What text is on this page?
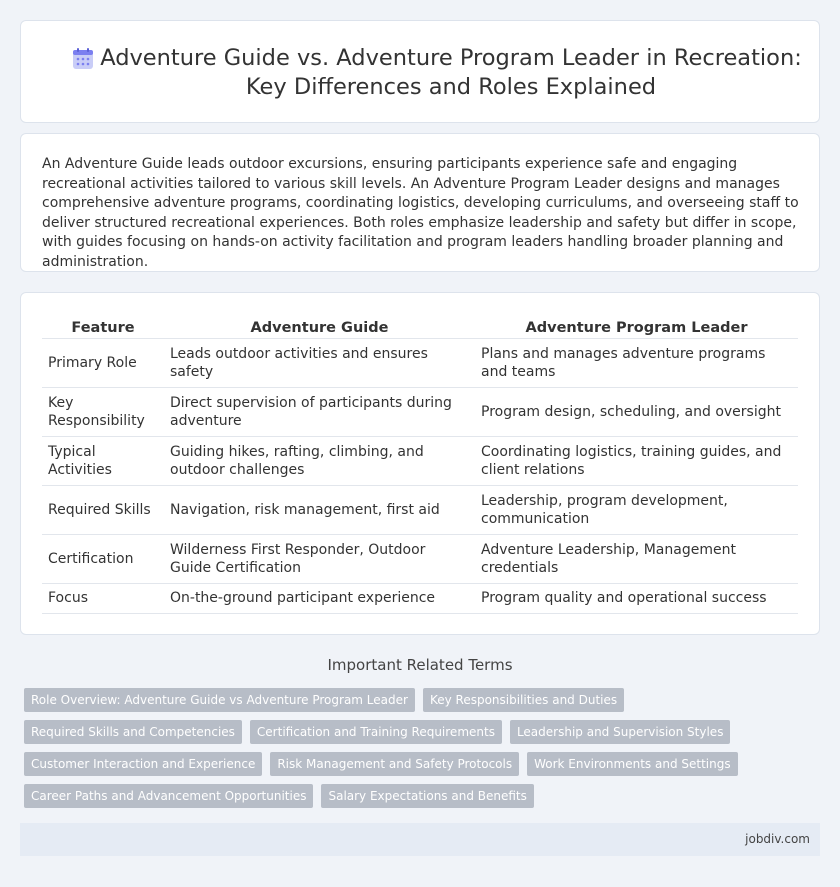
Adventure Guide vs. Adventure Program Leader in Recreation: Key Differences and Roles Explained

An Adventure Guide leads outdoor excursions, ensuring participants experience safe and engaging recreational activities tailored to various skill levels. An Adventure Program Leader designs and manages comprehensive adventure programs, coordinating logistics, developing curriculums, and overseeing staff to deliver structured recreational experiences. Both roles emphasize leadership and safety but differ in scope, with guides focusing on hands-on activity facilitation and program leaders handling broader planning and administration.

Feature	Adventure Guide	Adventure Program Leader
Primary Role	Leads outdoor activities and ensures safety	Plans and manages adventure programs and teams
Key Responsibility	Direct supervision of participants during adventure	Program design, scheduling, and oversight
Typical Activities	Guiding hikes, rafting, climbing, and outdoor challenges	Coordinating logistics, training guides, and client relations
Required Skills	Navigation, risk management, first aid	Leadership, program development, communication
Certification	Wilderness First Responder, Outdoor Guide Certification	Adventure Leadership, Management credentials
Focus	On-the-ground participant experience	Program quality and operational success
Important Related Terms
Role Overview: Adventure Guide vs Adventure Program Leader	Key Responsibilities and Duties
Required Skills and Competencies	Certification and Training Requirements	Leadership and Supervision Styles
Customer Interaction and Experience	Risk Management and Safety Protocols	Work Environments and Settings
Career Paths and Advancement Opportunities	Salary Expectations and Benefits
jobdiv.com
